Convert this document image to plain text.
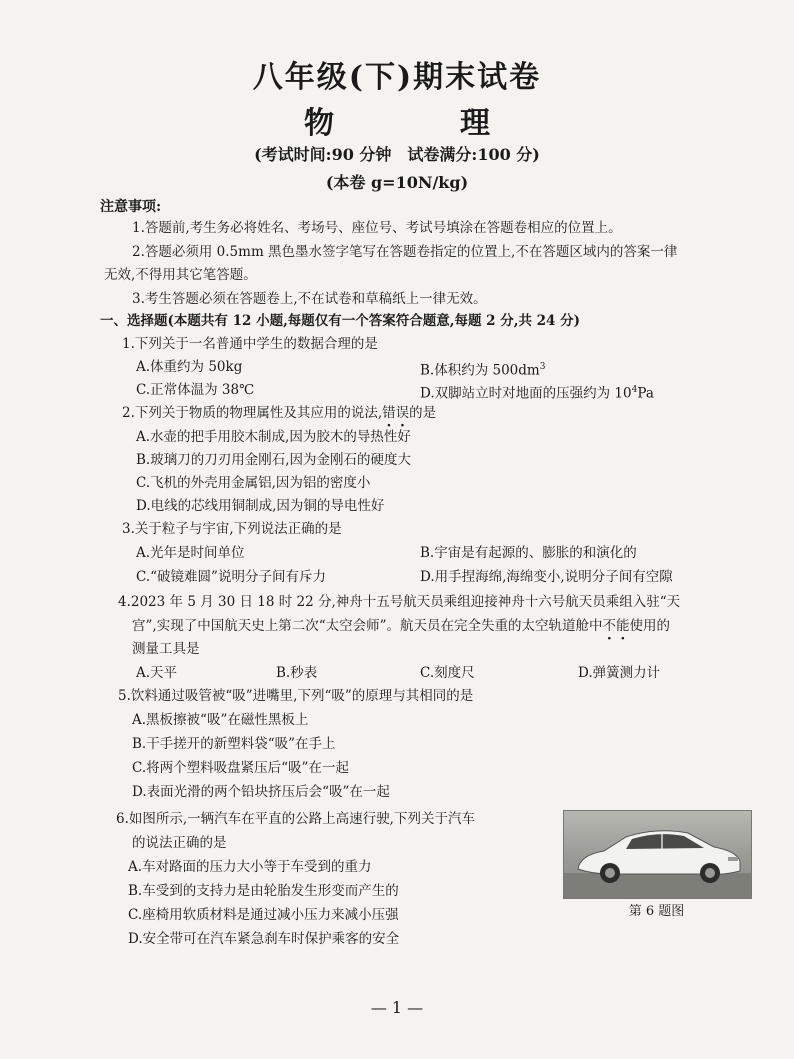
八年级(下)期末试卷
物　理
(考试时间:90 分钟　试卷满分:100 分)
(本卷 g=10N/kg)
注意事项:
1.答题前,考生务必将姓名、考场号、座位号、考试号填涂在答题卷相应的位置上。
2.答题必须用 0.5mm 黑色墨水签字笔写在答题卷指定的位置上,不在答题区域内的答案一律
无效,不得用其它笔答题。
3.考生答题必须在答题卷上,不在试卷和草稿纸上一律无效。
一、选择题(本题共有 12 小题,每题仅有一个答案符合题意,每题 2 分,共 24 分)
1.下列关于一名普通中学生的数据合理的是
A.体重约为 50kg	B.体积约为 $500dm^3$
C.正常体温为 38℃	D.双脚站立时对地面的压强约为 $10^4Pa$
2.下列关于物质的物理属性及其应用的说法,错误的是
A.水壶的把手用胶木制成,因为胶木的导热性好
B.玻璃刀的刀刃用金刚石,因为金刚石的硬度大
C.飞机的外壳用金属铝,因为铝的密度小
D.电线的芯线用铜制成,因为铜的导电性好
3.关于粒子与宇宙,下列说法正确的是
A.光年是时间单位	B.宇宙是有起源的、膨胀的和演化的
C.“破镜难圆”说明分子间有斥力	D.用手捏海绵,海绵变小,说明分子间有空隙
4.2023 年 5 月 30 日 18 时 22 分,神舟十五号航天员乘组迎接神舟十六号航天员乘组入驻“天
宫”,实现了中国航天史上第二次“太空会师”。航天员在完全失重的太空轨道舱中不能使用的
测量工具是
A.天平	B.秒表	C.刻度尺	D.弹簧测力计
5.饮料通过吸管被“吸”进嘴里,下列“吸”的原理与其相同的是
A.黑板擦被“吸”在磁性黑板上
B.干手搓开的新塑料袋“吸”在手上
C.将两个塑料吸盘紧压后“吸”在一起
D.表面光滑的两个铅块挤压后会“吸”在一起
6.如图所示,一辆汽车在平直的公路上高速行驶,下列关于汽车
的说法正确的是
A.车对路面的压力大小等于车受到的重力
B.车受到的支持力是由轮胎发生形变而产生的
C.座椅用软质材料是通过减小压力来减小压强
D.安全带可在汽车紧急刹车时保护乘客的安全
第 6 题图
— 1 —
